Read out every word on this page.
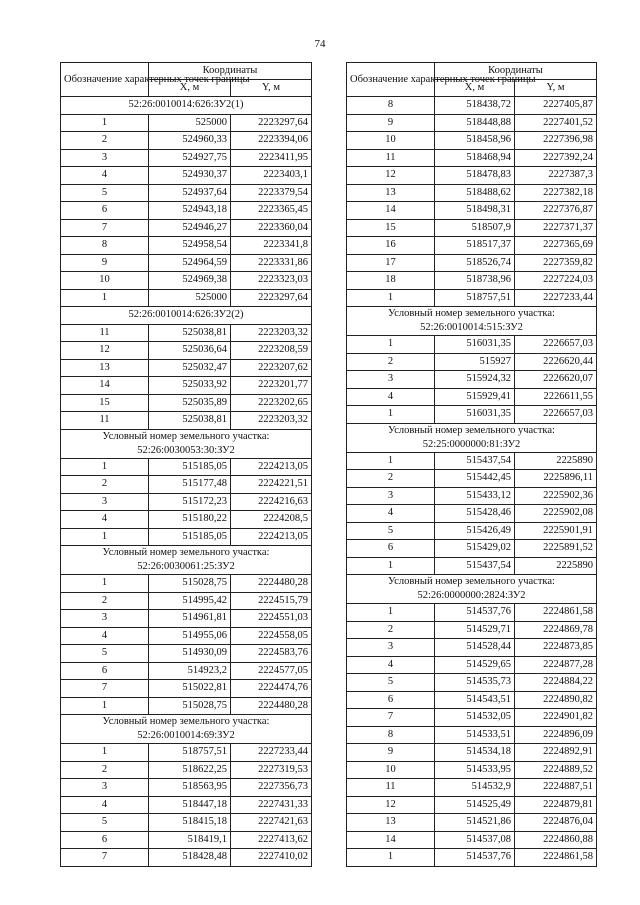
74
Обозначение характерных точек границы	Координаты	
	X, м	Y, м
52:26:0010014:626:ЗУ2(1)		
1	525000	2223297,64
2	524960,33	2223394,06
3	524927,75	2223411,95
4	524930,37	2223403,1
5	524937,64	2223379,54
6	524943,18	2223365,45
7	524946,27	2223360,04
8	524958,54	2223341,8
9	524964,59	2223331,86
10	524969,38	2223323,03
1	525000	2223297,64
52:26:0010014:626:ЗУ2(2)		
11	525038,81	2223203,32
12	525036,64	2223208,59
13	525032,47	2223207,62
14	525033,92	2223201,77
15	525035,89	2223202,65
11	525038,81	2223203,32
Условный номер земельного участка:
52:26:0030053:30:ЗУ2		
1	515185,05	2224213,05
2	515177,48	2224221,51
3	515172,23	2224216,63
4	515180,22	2224208,5
1	515185,05	2224213,05
Условный номер земельного участка:
52:26:0030061:25:ЗУ2		
1	515028,75	2224480,28
2	514995,42	2224515,79
3	514961,81	2224551,03
4	514955,06	2224558,05
5	514930,09	2224583,76
6	514923,2	2224577,05
7	515022,81	2224474,76
1	515028,75	2224480,28
Условный номер земельного участка:
52:26:0010014:69:ЗУ2		
1	518757,51	2227233,44
2	518622,25	2227319,53
3	518563,95	2227356,73
4	518447,18	2227431,33
5	518415,18	2227421,63
6	518419,1	2227413,62
7	518428,48	2227410,02
Обозначение характерных точек границы	Координаты	
	X, м	Y, м
8	518438,72	2227405,87
9	518448,88	2227401,52
10	518458,96	2227396,98
11	518468,94	2227392,24
12	518478,83	2227387,3
13	518488,62	2227382,18
14	518498,31	2227376,87
15	518507,9	2227371,37
16	518517,37	2227365,69
17	518526,74	2227359,82
18	518738,96	2227224,03
1	518757,51	2227233,44
Условный номер земельного участка:
52:26:0010014:515:ЗУ2		
1	516031,35	2226657,03
2	515927	2226620,44
3	515924,32	2226620,07
4	515929,41	2226611,55
1	516031,35	2226657,03
Условный номер земельного участка:
52:25:0000000:81:ЗУ2		
1	515437,54	2225890
2	515442,45	2225896,11
3	515433,12	2225902,36
4	515428,46	2225902,08
5	515426,49	2225901,91
6	515429,02	2225891,52
1	515437,54	2225890
Условный номер земельного участка:
52:26:0000000:2824:ЗУ2		
1	514537,76	2224861,58
2	514529,71	2224869,78
3	514528,44	2224873,85
4	514529,65	2224877,28
5	514535,73	2224884,22
6	514543,51	2224890,82
7	514532,05	2224901,82
8	514533,51	2224896,09
9	514534,18	2224892,91
10	514533,95	2224889,52
11	514532,9	2224887,51
12	514525,49	2224879,81
13	514521,86	2224876,04
14	514537,08	2224860,88
1	514537,76	2224861,58
